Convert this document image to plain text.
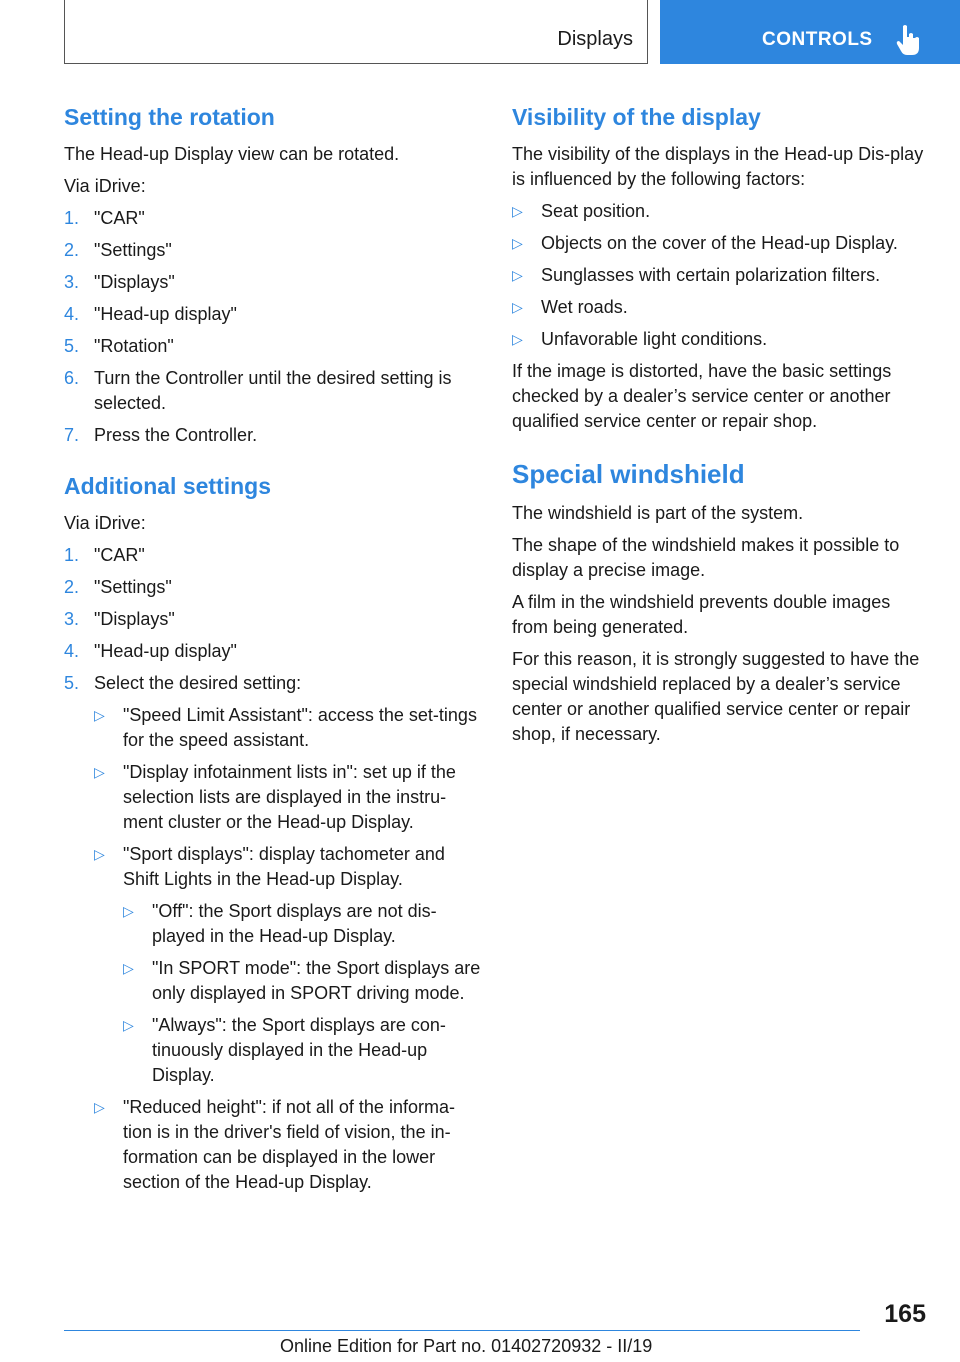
Displays	CONTROLS
Setting the rotation

The Head-up Display view can be rotated.

Via iDrive:

1. "CAR"
2. "Settings"
3. "Displays"
4. "Head-up display"
5. "Rotation"
6. Turn the Controller until the desired setting is selected.
7. Press the Controller.
Additional settings

Via iDrive:

1. "CAR"
2. "Settings"
3. "Displays"
4. "Head-up display"
5. Select the desired setting:
▷ "Speed Limit Assistant": access the set-tings for the speed assistant.
▷ "Display infotainment lists in": set up if the selection lists are displayed in the instru-ment cluster or the Head-up Display.
▷ "Sport displays": display tachometer and Shift Lights in the Head-up Display.
▷ "Off": the Sport displays are not dis-played in the Head-up Display.
▷ "In SPORT mode": the Sport displays are only displayed in SPORT driving mode.
▷ "Always": the Sport displays are con-tinuously displayed in the Head-up Display.
▷ "Reduced height": if not all of the informa-tion is in the driver's field of vision, the in-formation can be displayed in the lower section of the Head-up Display.
Visibility of the display

The visibility of the displays in the Head-up Dis-play is influenced by the following factors:

▷ Seat position.
▷ Objects on the cover of the Head-up Display.
▷ Sunglasses with certain polarization filters.
▷ Wet roads.
▷ Unfavorable light conditions.

If the image is distorted, have the basic settings checked by a dealer’s service center or another qualified service center or repair shop.

Special windshield

The windshield is part of the system.

The shape of the windshield makes it possible to display a precise image.

A film in the windshield prevents double images from being generated.

For this reason, it is strongly suggested to have the special windshield replaced by a dealer’s service center or another qualified service center or repair shop, if necessary.

165
Online Edition for Part no. 01402720932 - II/19
